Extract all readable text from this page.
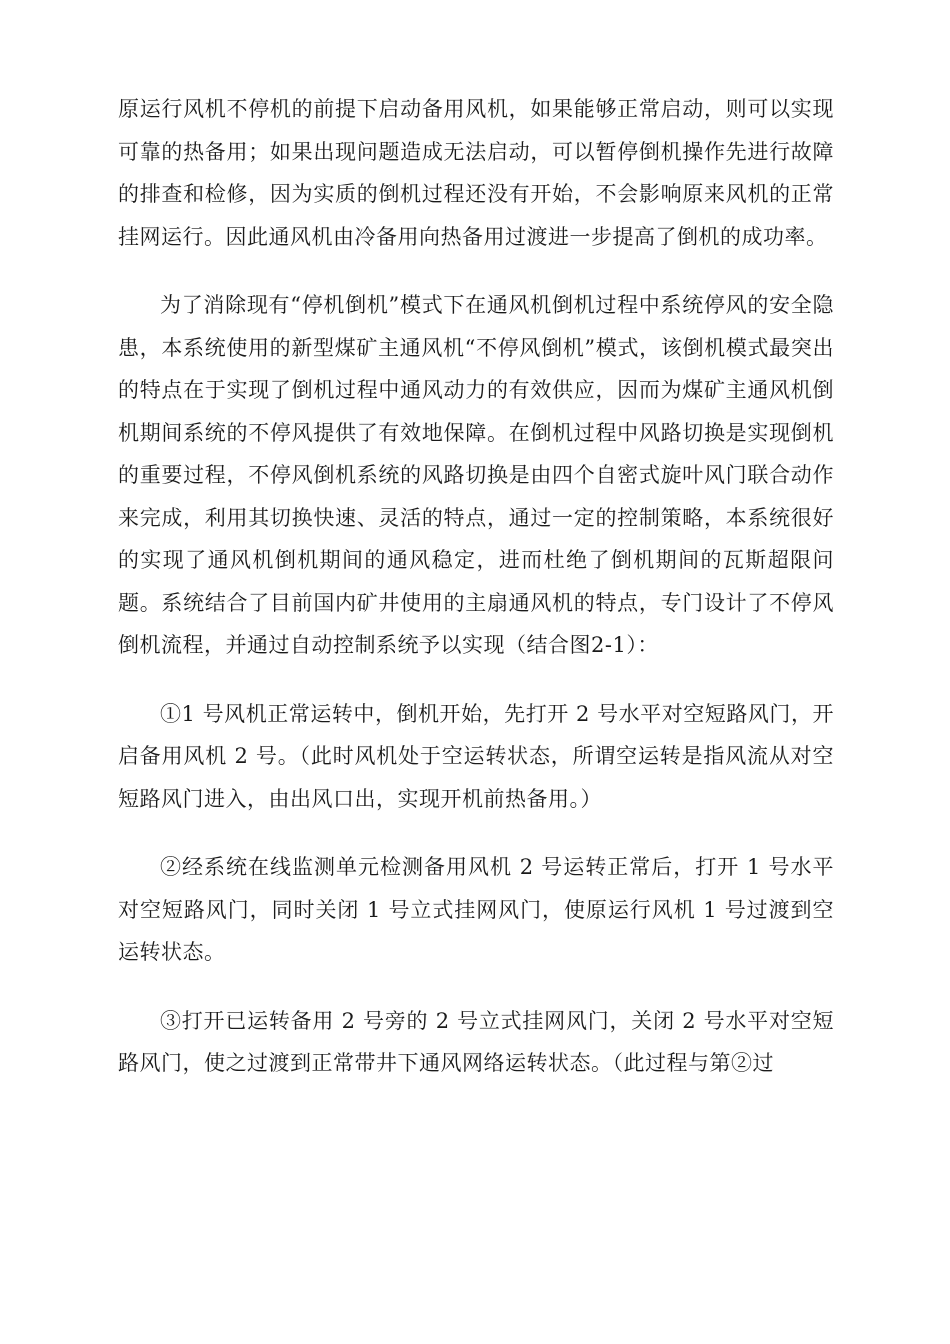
原运行风机不停机的前提下启动备用风机，如果能够正常启动，则可以实现可靠的热备用；如果出现问题造成无法启动，可以暂停倒机操作先进行故障的排查和检修，因为实质的倒机过程还没有开始，不会影响原来风机的正常挂网运行。因此通风机由冷备用向热备用过渡进一步提高了倒机的成功率。

为了消除现有“停机倒机”模式下在通风机倒机过程中系统停风的安全隐患，本系统使用的新型煤矿主通风机“不停风倒机”模式，该倒机模式最突出的特点在于实现了倒机过程中通风动力的有效供应，因而为煤矿主通风机倒机期间系统的不停风提供了有效地保障。在倒机过程中风路切换是实现倒机的重要过程，不停风倒机系统的风路切换是由四个自密式旋叶风门联合动作来完成，利用其切换快速、灵活的特点，通过一定的控制策略，本系统很好的实现了通风机倒机期间的通风稳定，进而杜绝了倒机期间的瓦斯超限问题。系统结合了目前国内矿井使用的主扇通风机的特点，专门设计了不停风倒机流程，并通过自动控制系统予以实现（结合图2-1）：

①1 号风机正常运转中，倒机开始，先打开 2 号水平对空短路风门，开启备用风机 2 号。（此时风机处于空运转状态，所谓空运转是指风流从对空短路风门进入，由出风口出，实现开机前热备用。）

②经系统在线监测单元检测备用风机 2 号运转正常后，打开 1 号水平对空短路风门，同时关闭 1 号立式挂网风门，使原运行风机 1 号过渡到空运转状态。

③打开已运转备用 2 号旁的 2 号立式挂网风门，关闭 2 号水平对空短路风门，使之过渡到正常带井下通风网络运转状态。（此过程与第②过
